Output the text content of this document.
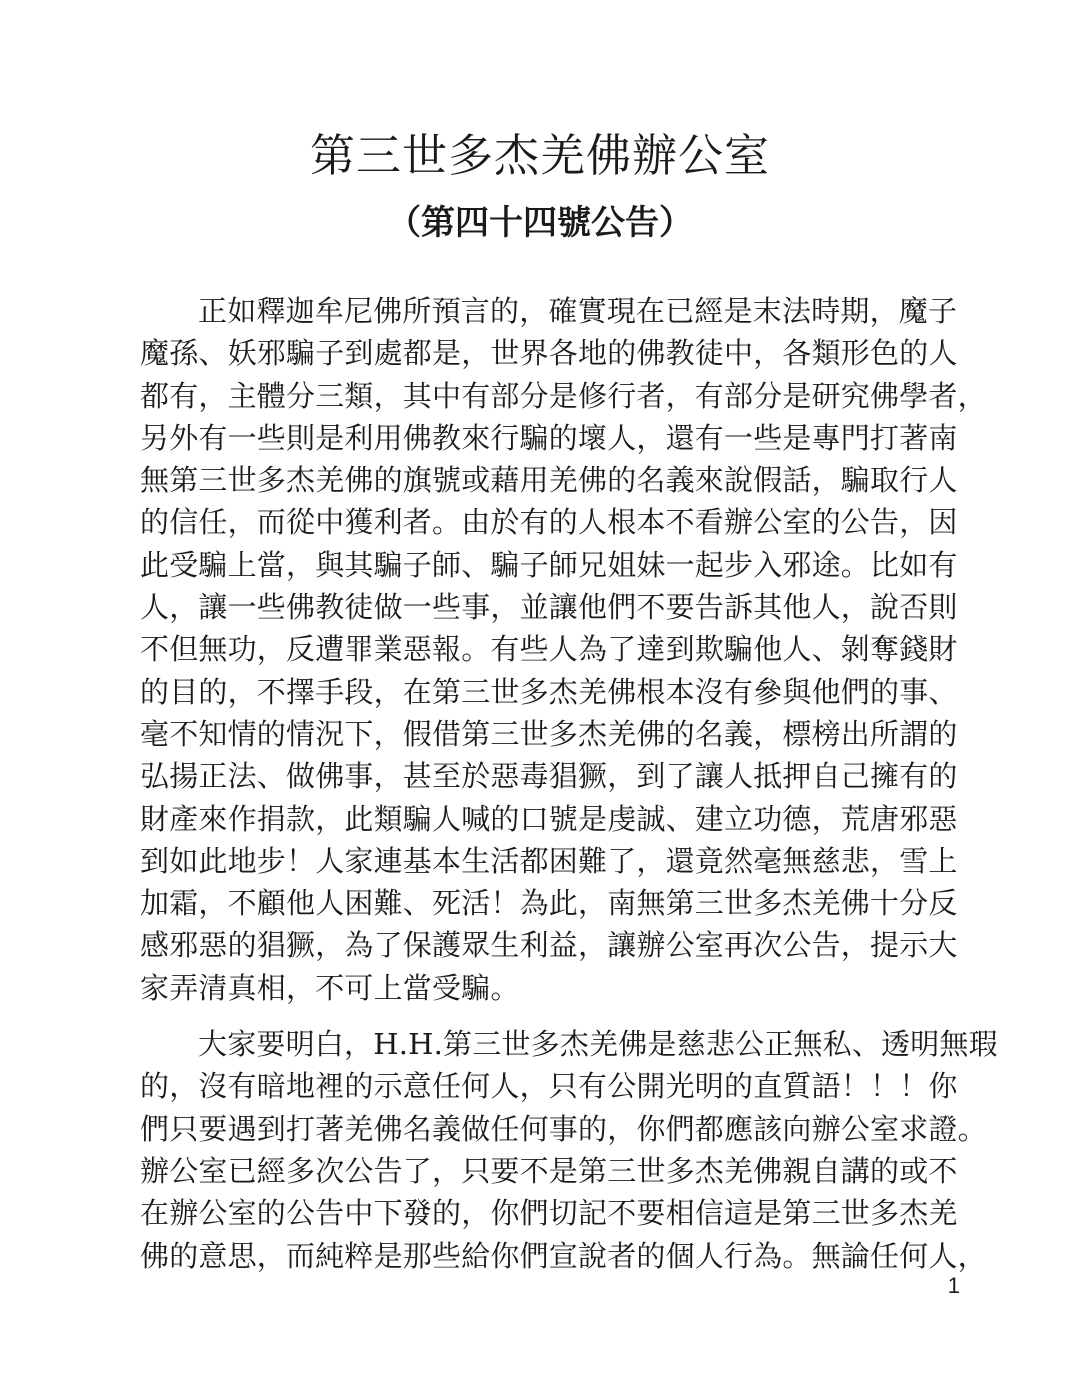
第三世多杰羌佛辦公室
（第四十四號公告）
正如釋迦牟尼佛所預言的，確實現在已經是末法時期，魔子
魔孫、妖邪騙子到處都是，世界各地的佛教徒中，各類形色的人
都有，主體分三類，其中有部分是修行者，有部分是研究佛學者，
另外有一些則是利用佛教來行騙的壞人，還有一些是專門打著南
無第三世多杰羌佛的旗號或藉用羌佛的名義來說假話，騙取行人
的信任，而從中獲利者。由於有的人根本不看辦公室的公告，因
此受騙上當，與其騙子師、騙子師兄姐妹一起步入邪途。比如有
人，讓一些佛教徒做一些事，並讓他們不要告訴其他人，說否則
不但無功，反遭罪業惡報。有些人為了達到欺騙他人、剝奪錢財
的目的，不擇手段，在第三世多杰羌佛根本沒有參與他們的事、
毫不知情的情況下，假借第三世多杰羌佛的名義，標榜出所謂的
弘揚正法、做佛事，甚至於惡毒猖獗，到了讓人抵押自己擁有的
財產來作捐款，此類騙人喊的口號是虔誠、建立功德，荒唐邪惡
到如此地步！人家連基本生活都困難了，還竟然毫無慈悲，雪上
加霜，不顧他人困難、死活！為此，南無第三世多杰羌佛十分反
感邪惡的猖獗，為了保護眾生利益，讓辦公室再次公告，提示大
家弄清真相，不可上當受騙。
大家要明白，H.H.第三世多杰羌佛是慈悲公正無私、透明無瑕
的，沒有暗地裡的示意任何人，只有公開光明的直質語！！！你
們只要遇到打著羌佛名義做任何事的，你們都應該向辦公室求證。
辦公室已經多次公告了，只要不是第三世多杰羌佛親自講的或不
在辦公室的公告中下發的，你們切記不要相信這是第三世多杰羌
佛的意思，而純粹是那些給你們宣說者的個人行為。無論任何人，
1
